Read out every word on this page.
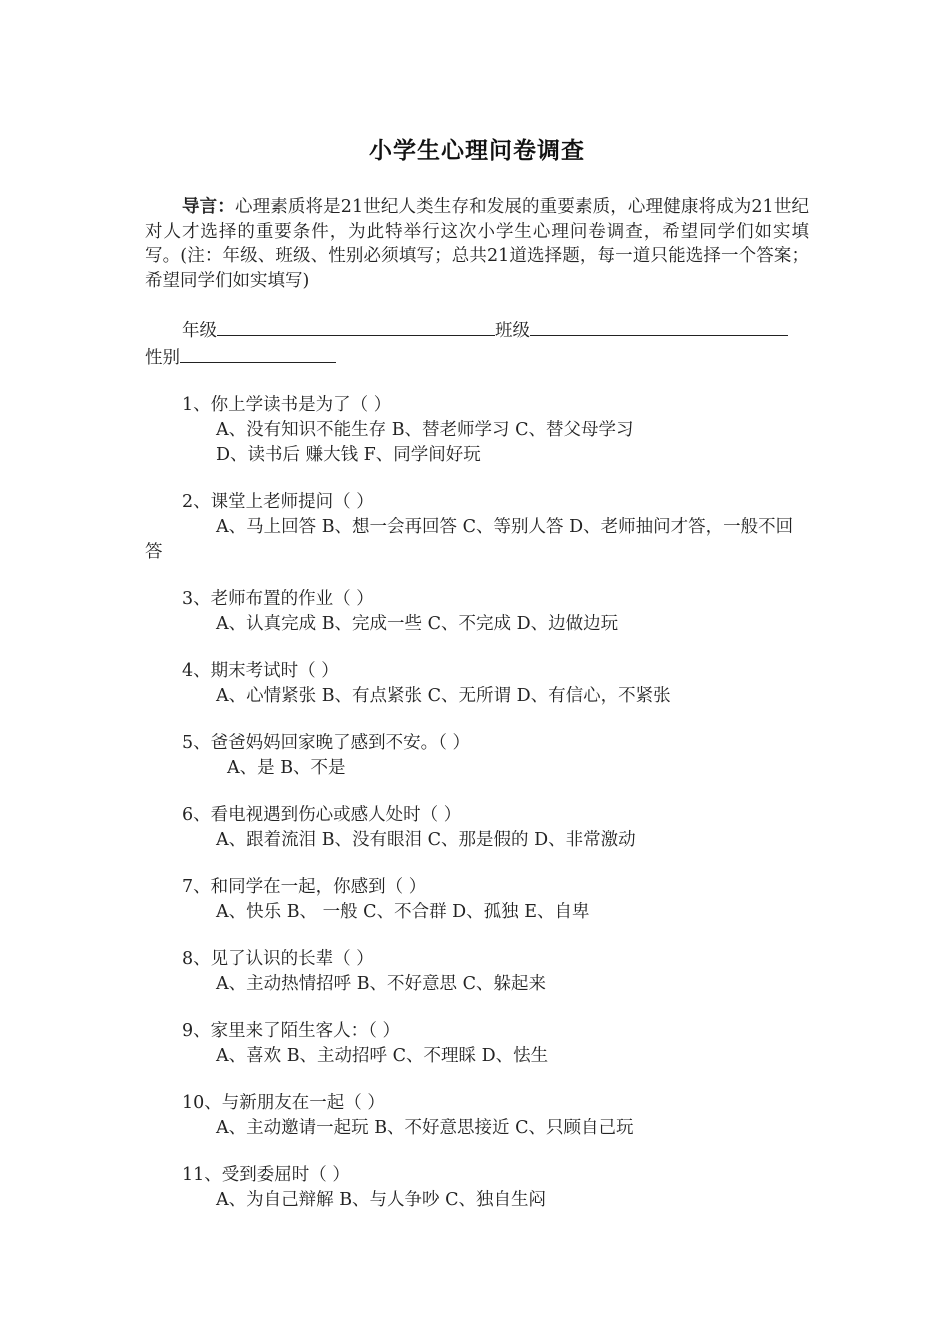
小学生心理问卷调查

导言：心理素质将是21世纪人类生存和发展的重要素质，心理健康将成为21世纪对人才选择的重要条件，为此特举行这次小学生心理问卷调查，希望同学们如实填写。(注：年级、班级、性别必须填写；总共21道选择题，每一道只能选择一个答案；希望同学们如实填写)

年级	班级
性别
1、你上学读书是为了（ ）
A、没有知识不能生存 B、替老师学习 C、替父母学习
D、读书后 赚大钱 F、同学间好玩
2、课堂上老师提问（ ）
A、马上回答 B、想一会再回答 C、等别人答 D、老师抽问才答，一般不回答
3、老师布置的作业（ ）
A、认真完成 B、完成一些 C、不完成 D、边做边玩
4、期末考试时（ ）
A、心情紧张 B、有点紧张 C、无所谓 D、有信心，不紧张
5、爸爸妈妈回家晚了感到不安。（ ）
A、是 B、不是
6、看电视遇到伤心或感人处时（ ）
A、跟着流泪 B、没有眼泪 C、那是假的 D、非常激动
7、和同学在一起，你感到（ ）
A、快乐 B、 一般 C、不合群 D、孤独 E、自卑
8、见了认识的长辈（ ）
A、主动热情招呼 B、不好意思 C、躲起来
9、家里来了陌生客人：（ ）
A、喜欢 B、主动招呼 C、不理睬 D、怯生
10、与新朋友在一起（ ）
A、主动邀请一起玩 B、不好意思接近 C、只顾自己玩
11、受到委屈时（ ）
A、为自己辩解 B、与人争吵 C、独自生闷
